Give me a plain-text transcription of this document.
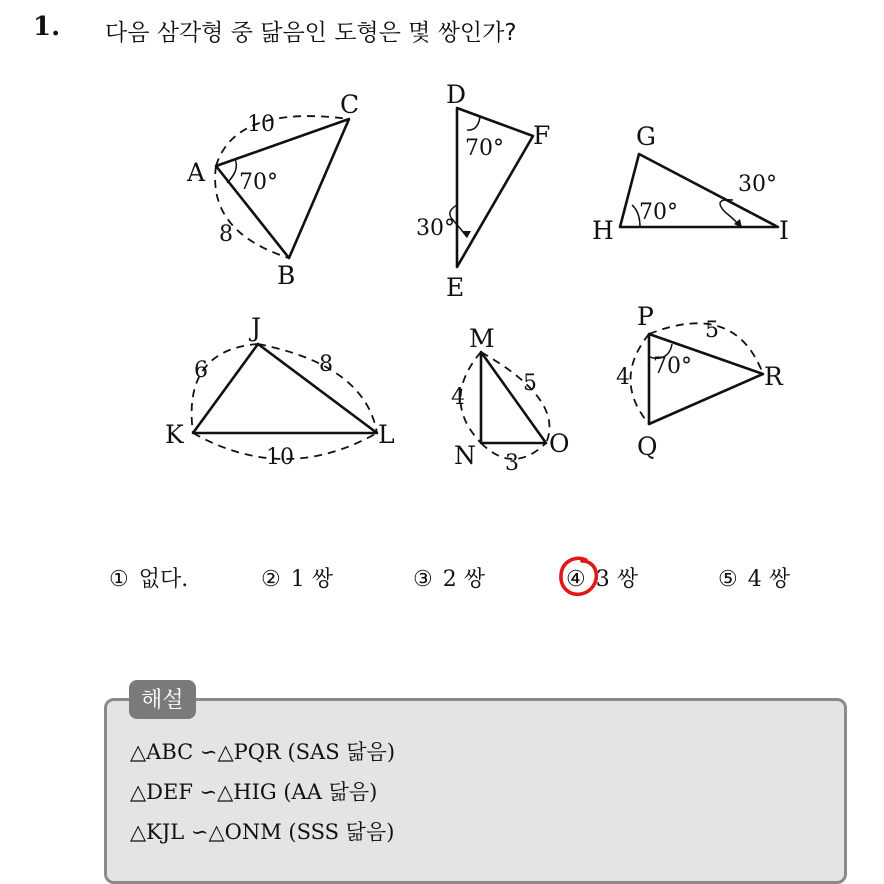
1. 다음 삼각형 중 닮음인 도형은 몇 쌍인가?
A
B
C
10
8
70°
D
E
F
70°
30°
G
H	I
70°
30°
J
K	L
6	8
10
M
N	O
4
5
3
P
Q
R
4
5
70°
① 없다.	② 1 쌍	③ 2 쌍	④ 3 쌍	⑤ 4 쌍
해설
△ABC ∽△PQR (SAS 닮음)
△DEF ∽△HIG (AA 닮음)
△KJL ∽△ONM (SSS 닮음)
